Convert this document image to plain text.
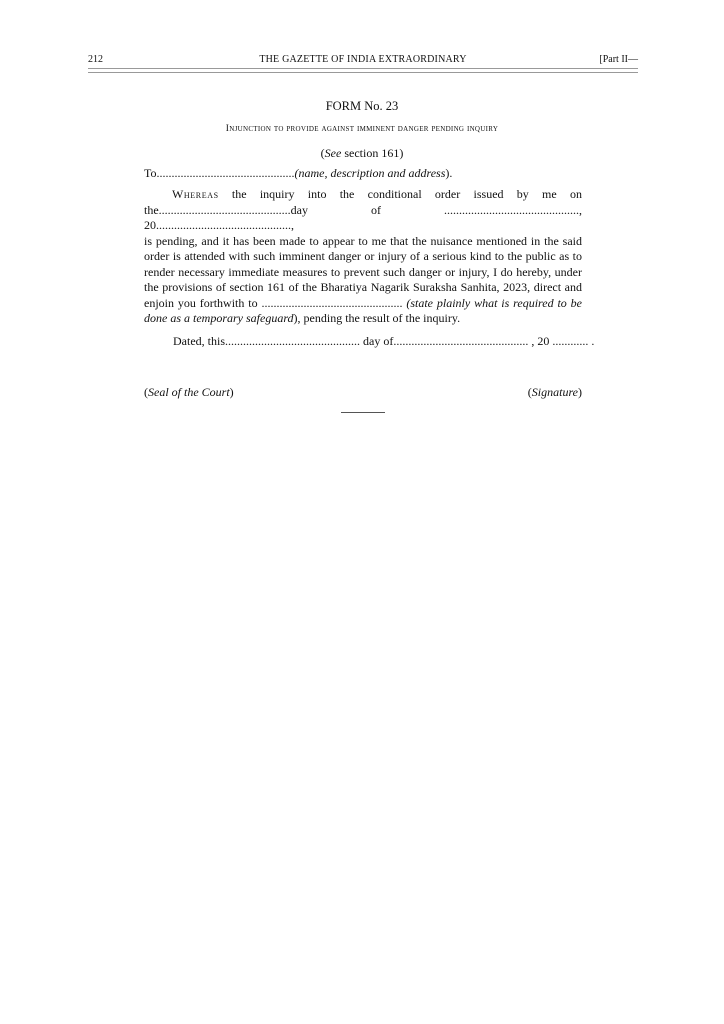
212	THE GAZETTE OF INDIA EXTRAORDINARY	[Part II—
FORM No. 23
Injunction to provide against imminent danger pending inquiry
(See section 161)
To..............................................(name, description and address).
Whereas the inquiry into the conditional order issued by me on
the............................................day of ............................................., 20.............................................,
is pending, and it has been made to appear to me that the nuisance mentioned in the said order is attended with such imminent danger or injury of a serious kind to the public as to render necessary immediate measures to prevent such danger or injury, I do hereby, under the provisions of section 161 of the Bharatiya Nagarik Suraksha Sanhita, 2023, direct and enjoin you forthwith to ............................................... (state plainly what is required to be done as a temporary safeguard), pending the result of the inquiry.
Dated, this............................................. day of............................................. , 20 ............ .
(Seal of the Court)	(Signature)
